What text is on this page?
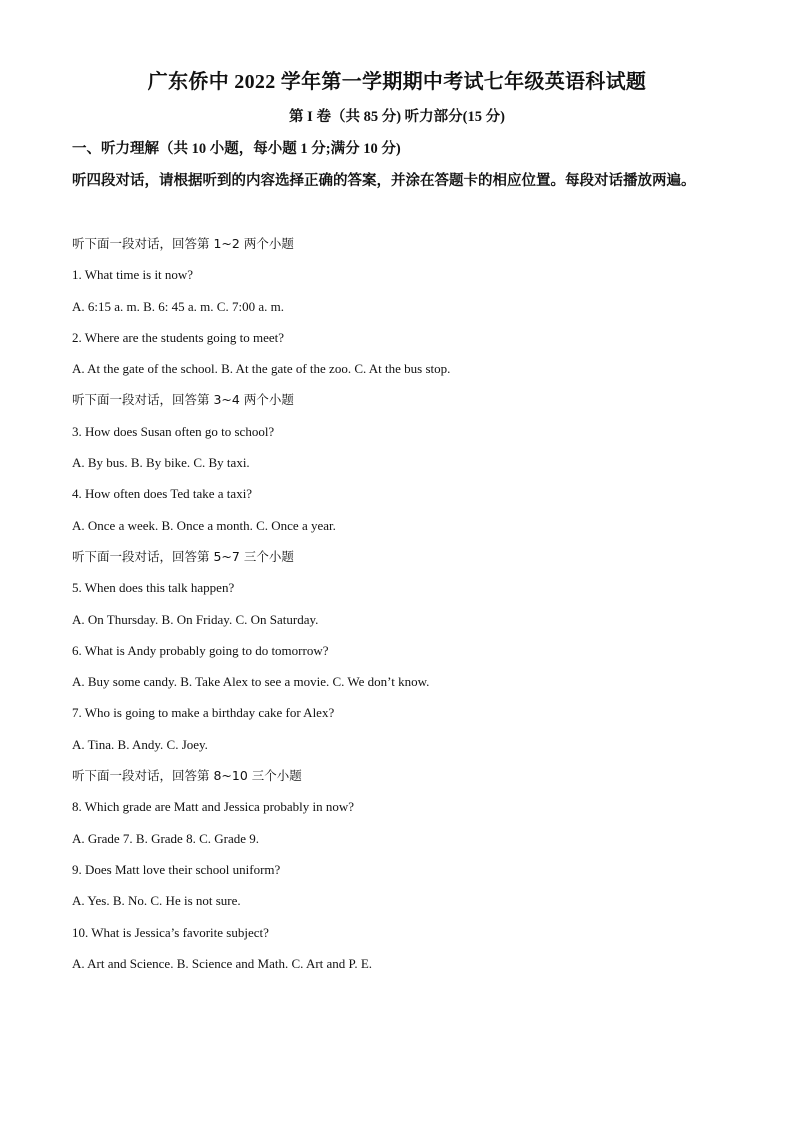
广东侨中 2022 学年第一学期期中考试七年级英语科试题
第 I 卷（共 85 分) 听力部分(15 分)
一、听力理解（共 10 小题，每小题 1 分;满分 10 分)
听四段对话，请根据听到的内容选择正确的答案，并涂在答题卡的相应位置。每段对话播放两遍。
听下面一段对话，回答第 1~2 两个小题
1. What time is it now?
A. 6:15 a. m. B. 6: 45 a. m. C. 7:00 a. m.
2. Where are the students going to meet?
A. At the gate of the school. B. At the gate of the zoo. C. At the bus stop.
听下面一段对话，回答第 3~4 两个小题
3. How does Susan often go to school?
A. By bus. B. By bike. C. By taxi.
4. How often does Ted take a taxi?
A. Once a week. B. Once a month. C. Once a year.
听下面一段对话，回答第 5~7 三个小题
5. When does this talk happen?
A. On Thursday. B. On Friday. C. On Saturday.
6. What is Andy probably going to do tomorrow?
A. Buy some candy. B. Take Alex to see a movie. C. We don’t know.
7. Who is going to make a birthday cake for Alex?
A. Tina. B. Andy. C. Joey.
听下面一段对话，回答第 8~10 三个小题
8. Which grade are Matt and Jessica probably in now?
A. Grade 7. B. Grade 8. C. Grade 9.
9. Does Matt love their school uniform?
A. Yes. B. No. C. He is not sure.
10. What is Jessica’s favorite subject?
A. Art and Science. B. Science and Math. C. Art and P. E.
